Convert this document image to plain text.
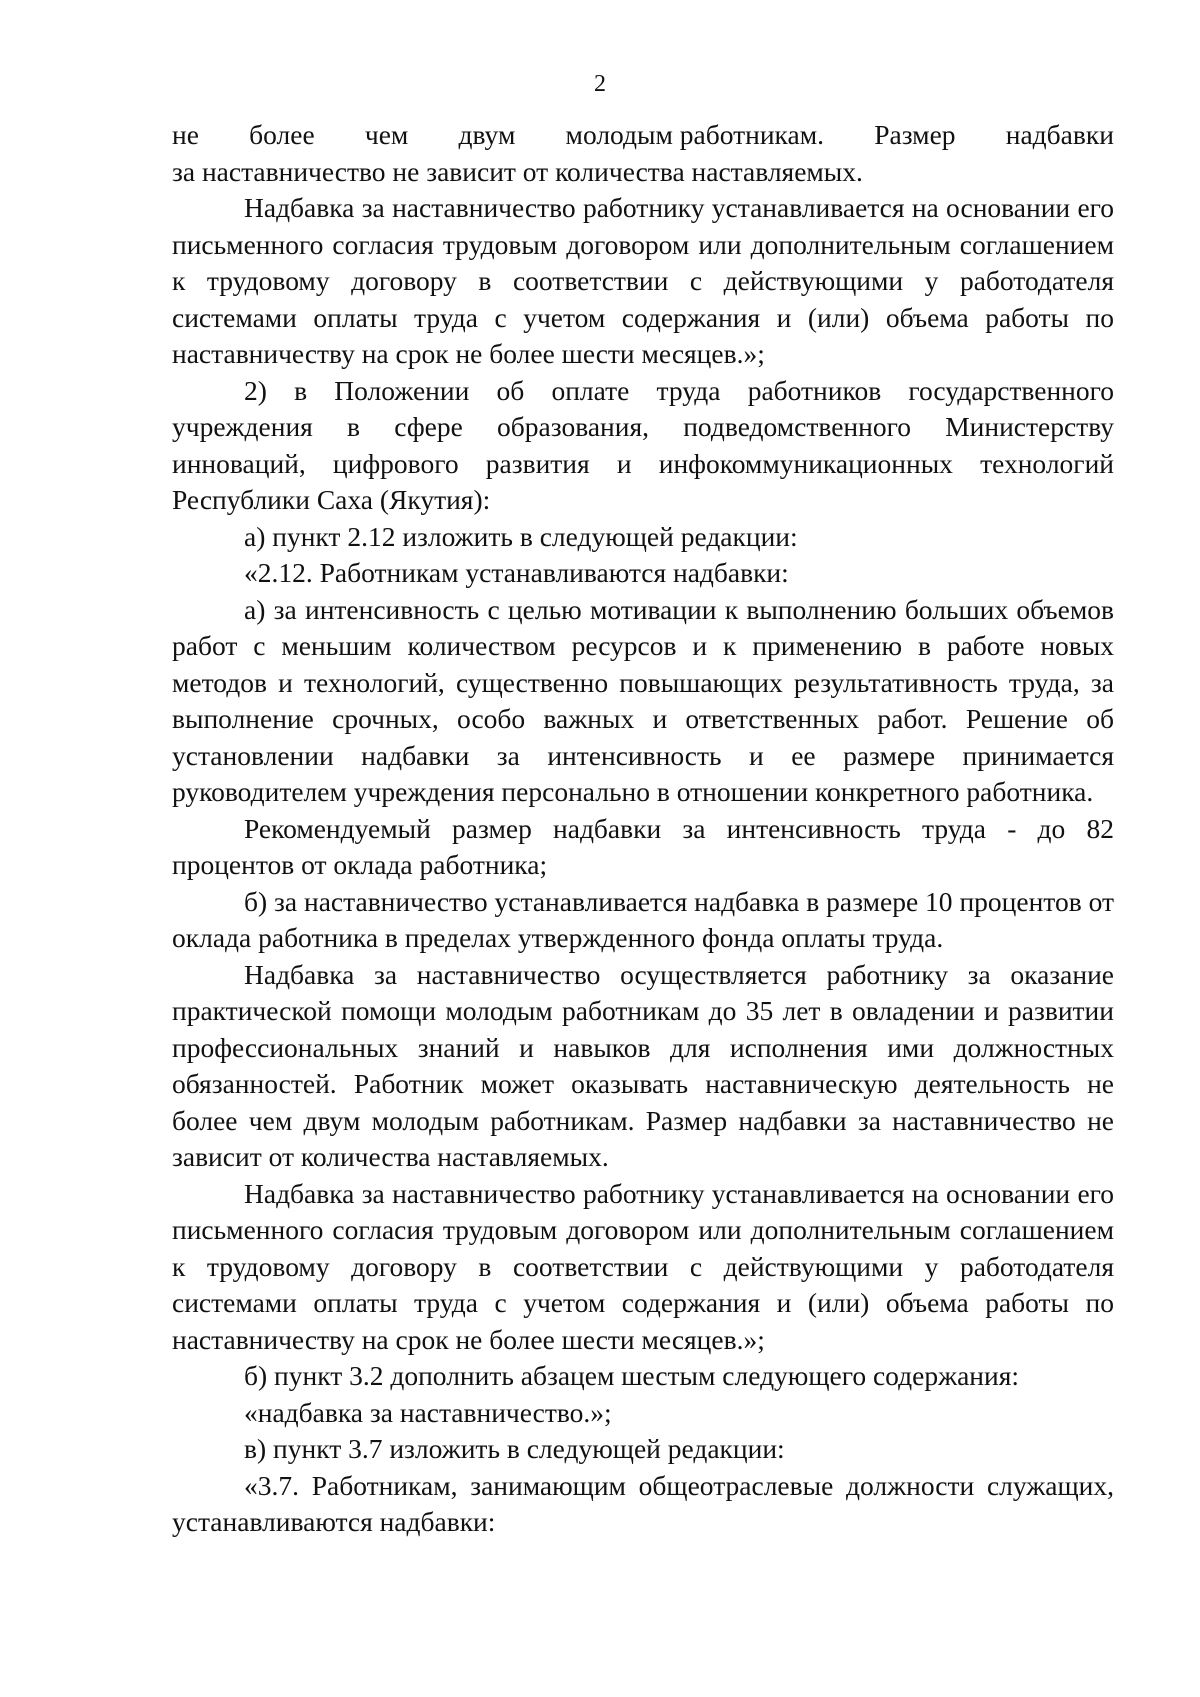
2

не более чем двум молодым работникам. Размер надбавки
за наставничество не зависит от количества наставляемых.

Надбавка за наставничество работнику устанавливается на основании его письменного согласия трудовым договором или дополнительным соглашением к трудовому договору в соответствии с действующими у работодателя системами оплаты труда с учетом содержания и (или) объема работы по наставничеству на срок не более шести месяцев.»;

2) в Положении об оплате труда работников государственного учреждения в сфере образования, подведомственного Министерству инноваций, цифрового развития и инфокоммуникационных технологий Республики Саха (Якутия):

а) пункт 2.12 изложить в следующей редакции:

«2.12. Работникам устанавливаются надбавки:

а) за интенсивность с целью мотивации к выполнению больших объемов работ с меньшим количеством ресурсов и к применению в работе новых методов и технологий, существенно повышающих результативность труда, за выполнение срочных, особо важных и ответственных работ. Решение об установлении надбавки за интенсивность и ее размере принимается руководителем учреждения персонально в отношении конкретного работника.

Рекомендуемый размер надбавки за интенсивность труда - до 82 процентов от оклада работника;

б) за наставничество устанавливается надбавка в размере 10 процентов от оклада работника в пределах утвержденного фонда оплаты труда.

Надбавка за наставничество осуществляется работнику за оказание практической помощи молодым работникам до 35 лет в овладении и развитии профессиональных знаний и навыков для исполнения ими должностных обязанностей. Работник может оказывать наставническую деятельность не более чем двум молодым работникам. Размер надбавки за наставничество не зависит от количества наставляемых.

Надбавка за наставничество работнику устанавливается на основании его письменного согласия трудовым договором или дополнительным соглашением к трудовому договору в соответствии с действующими у работодателя системами оплаты труда с учетом содержания и (или) объема работы по наставничеству на срок не более шести месяцев.»;

б) пункт 3.2 дополнить абзацем шестым следующего содержания:

«надбавка за наставничество.»;

в) пункт 3.7 изложить в следующей редакции:

«3.7. Работникам, занимающим общеотраслевые должности служащих, устанавливаются надбавки:
